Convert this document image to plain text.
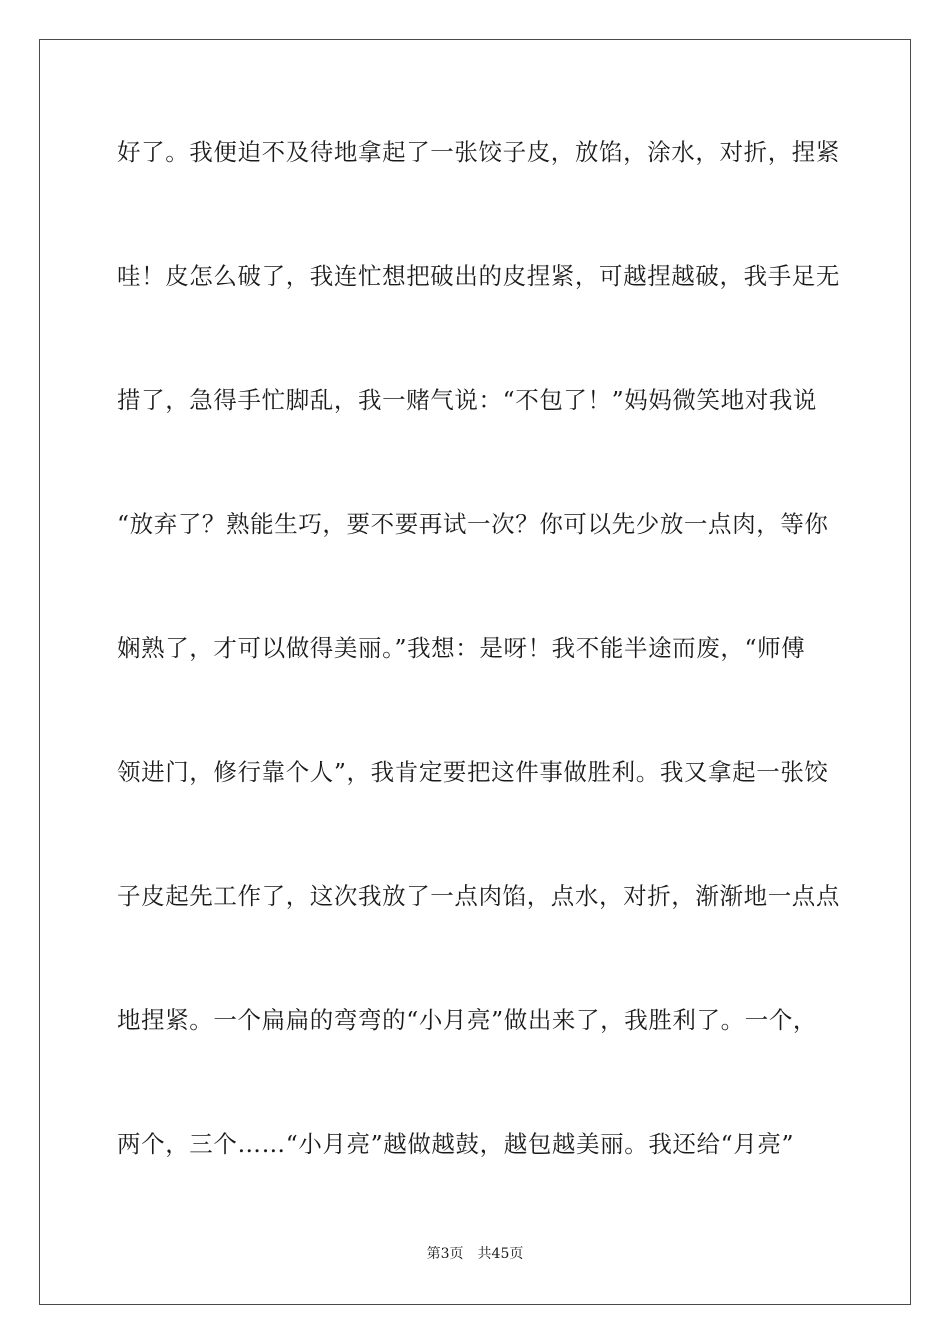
好了。我便迫不及待地拿起了一张饺子皮，放馅，涂水，对折，捏紧
哇！皮怎么破了，我连忙想把破出的皮捏紧，可越捏越破，我手足无
措了，急得手忙脚乱，我一赌气说：“不包了！”妈妈微笑地对我说
“放弃了？熟能生巧，要不要再试一次？你可以先少放一点肉，等你
娴熟了，才可以做得美丽。”我想：是呀！我不能半途而废，“师傅
领进门，修行靠个人”，我肯定要把这件事做胜利。我又拿起一张饺
子皮起先工作了，这次我放了一点肉馅，点水，对折，渐渐地一点点
地捏紧。一个扁扁的弯弯的“小月亮”做出来了，我胜利了。一个，
两个，三个……“小月亮”越做越鼓，越包越美丽。我还给“月亮”
第3页 共45页
